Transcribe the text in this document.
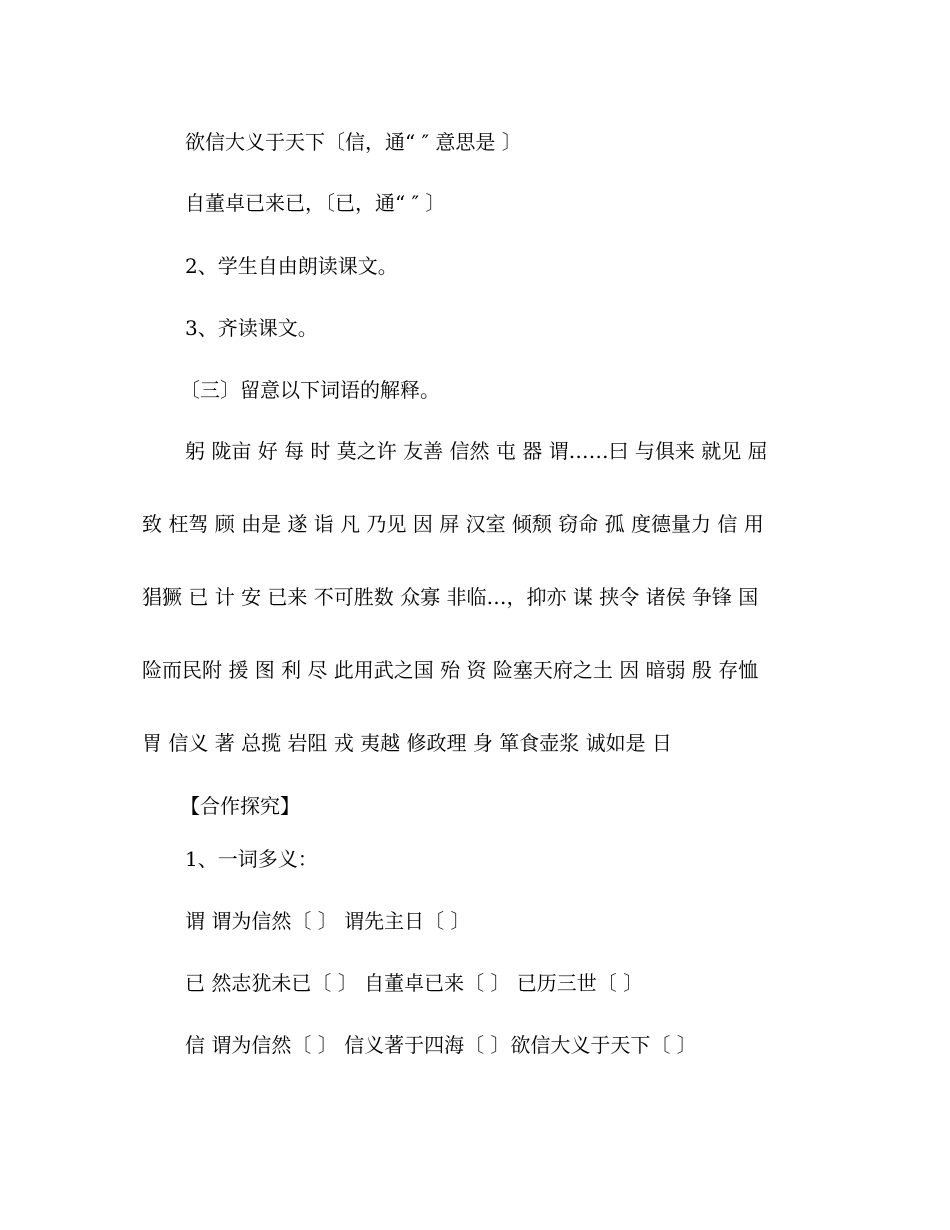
欲信大义于天下〔信，通“ ″ 意思是 〕
自董卓已来已，〔已，通“ ″ 〕
2、学生自由朗读课文。
3、齐读课文。
〔三〕留意以下词语的解释。
躬 陇亩 好 每 时 莫之许 友善 信然 屯 器 谓……曰 与俱来 就见 屈
致 枉驾 顾 由是 遂 诣 凡 乃见 因 屏 汉室 倾颓 窃命 孤 度德量力 信 用
猖獗 已 计 安 已来 不可胜数 众寡 非临…，抑亦 谋 挟令 诸侯 争锋 国
险而民附 援 图 利 尽 此用武之国 殆 资 险塞天府之土 因 暗弱 殷 存恤
胃 信义 著 总揽 岩阻 戎 夷越 修政理 身 箪食壶浆 诚如是 日
【合作探究】
1、一词多义：
谓 谓为信然〔 〕 谓先主日〔 〕
已 然志犹未已〔 〕 自董卓已来〔 〕 已历三世〔 〕
信 谓为信然〔 〕 信义著于四海〔 〕欲信大义于天下〔 〕
